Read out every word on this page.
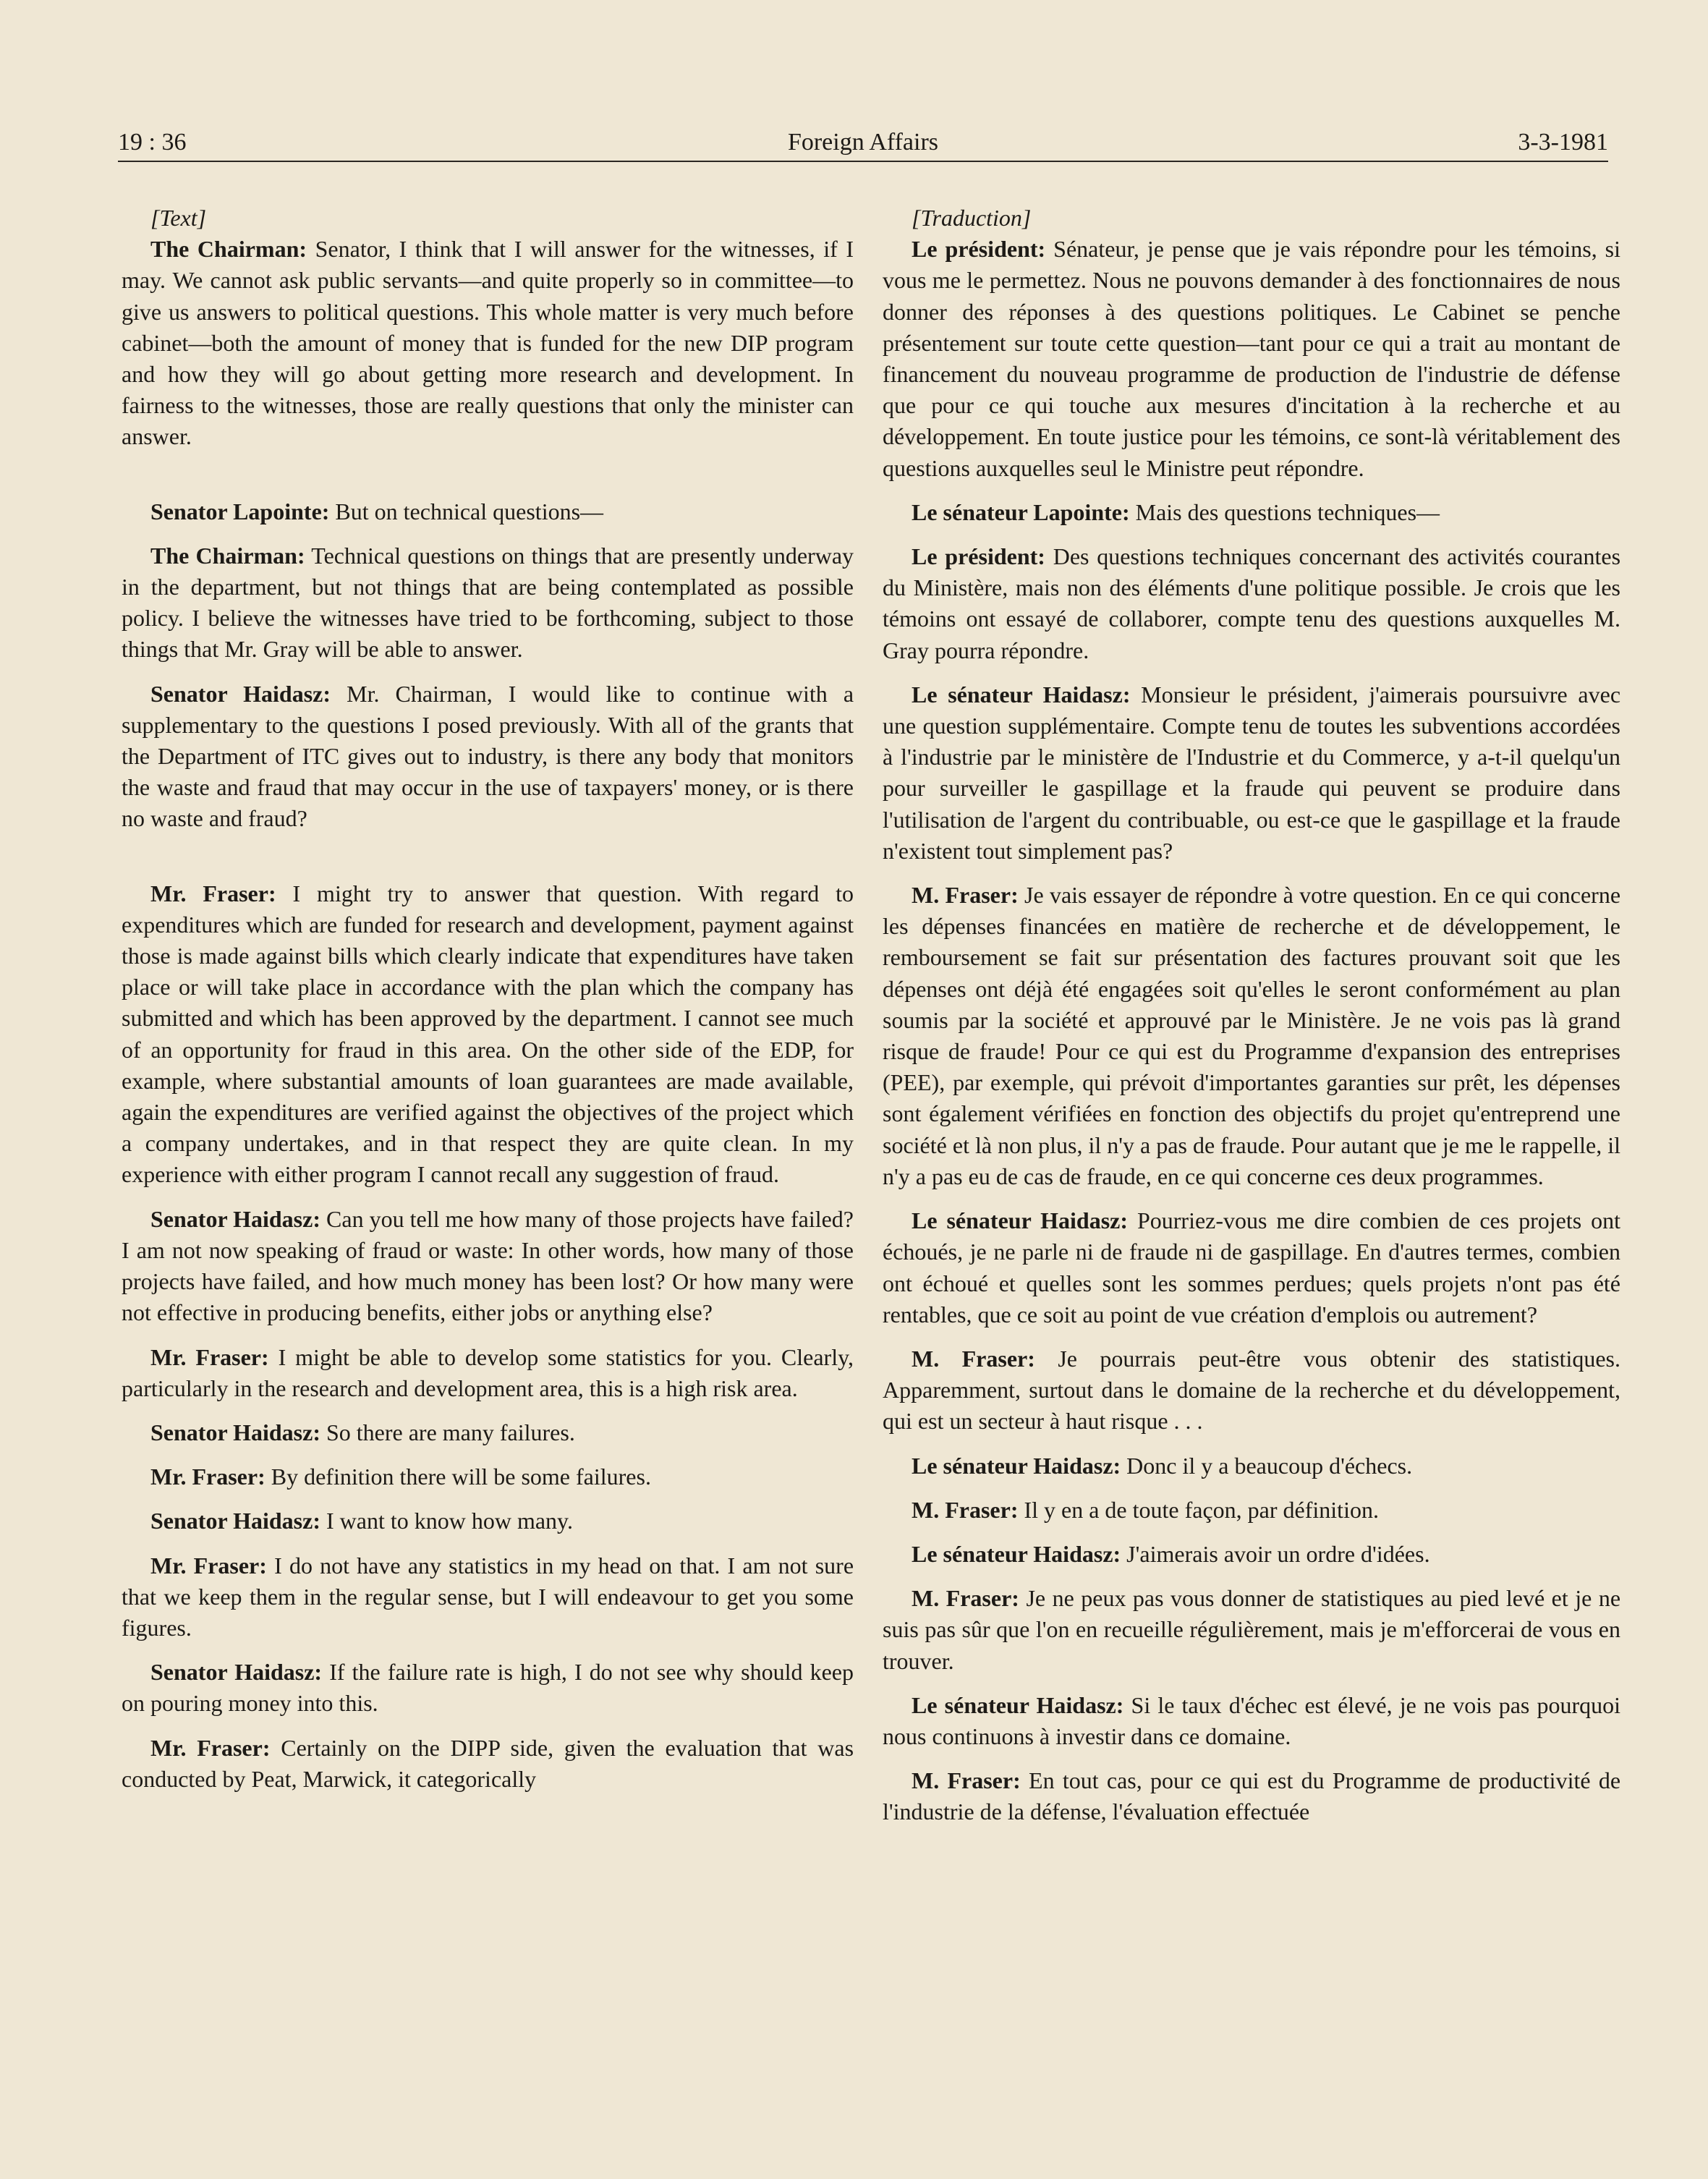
19 : 36	Foreign Affairs	3-3-1981

[Text]

The Chairman: Senator, I think that I will answer for the witnesses, if I may. We cannot ask public servants—and quite properly so in committee—to give us answers to political questions. This whole matter is very much before cabinet—both the amount of money that is funded for the new DIP program and how they will go about getting more research and development. In fairness to the witnesses, those are really questions that only the minister can answer.

Senator Lapointe: But on technical questions—

The Chairman: Technical questions on things that are presently underway in the department, but not things that are being contemplated as possible policy. I believe the witnesses have tried to be forthcoming, subject to those things that Mr. Gray will be able to answer.

Senator Haidasz: Mr. Chairman, I would like to continue with a supplementary to the questions I posed previously. With all of the grants that the Department of ITC gives out to industry, is there any body that monitors the waste and fraud that may occur in the use of taxpayers' money, or is there no waste and fraud?

Mr. Fraser: I might try to answer that question. With regard to expenditures which are funded for research and development, payment against those is made against bills which clearly indicate that expenditures have taken place or will take place in accordance with the plan which the company has submitted and which has been approved by the department. I cannot see much of an opportunity for fraud in this area. On the other side of the EDP, for example, where substantial amounts of loan guarantees are made available, again the expenditures are verified against the objectives of the project which a company undertakes, and in that respect they are quite clean. In my experience with either program I cannot recall any suggestion of fraud.

Senator Haidasz: Can you tell me how many of those projects have failed? I am not now speaking of fraud or waste: In other words, how many of those projects have failed, and how much money has been lost? Or how many were not effective in producing benefits, either jobs or anything else?

Mr. Fraser: I might be able to develop some statistics for you. Clearly, particularly in the research and development area, this is a high risk area.

Senator Haidasz: So there are many failures.

Mr. Fraser: By definition there will be some failures.

Senator Haidasz: I want to know how many.

Mr. Fraser: I do not have any statistics in my head on that. I am not sure that we keep them in the regular sense, but I will endeavour to get you some figures.

Senator Haidasz: If the failure rate is high, I do not see why should keep on pouring money into this.

Mr. Fraser: Certainly on the DIPP side, given the evaluation that was conducted by Peat, Marwick, it categorically

[Traduction]

Le président: Sénateur, je pense que je vais répondre pour les témoins, si vous me le permettez. Nous ne pouvons demander à des fonctionnaires de nous donner des réponses à des questions politiques. Le Cabinet se penche présentement sur toute cette question—tant pour ce qui a trait au montant de financement du nouveau programme de production de l'industrie de défense que pour ce qui touche aux mesures d'incitation à la recherche et au développement. En toute justice pour les témoins, ce sont-là véritablement des questions auxquelles seul le Ministre peut répondre.

Le sénateur Lapointe: Mais des questions techniques—

Le président: Des questions techniques concernant des activités courantes du Ministère, mais non des éléments d'une politique possible. Je crois que les témoins ont essayé de collaborer, compte tenu des questions auxquelles M. Gray pourra répondre.

Le sénateur Haidasz: Monsieur le président, j'aimerais poursuivre avec une question supplémentaire. Compte tenu de toutes les subventions accordées à l'industrie par le ministère de l'Industrie et du Commerce, y a-t-il quelqu'un pour surveiller le gaspillage et la fraude qui peuvent se produire dans l'utilisation de l'argent du contribuable, ou est-ce que le gaspillage et la fraude n'existent tout simplement pas?

M. Fraser: Je vais essayer de répondre à votre question. En ce qui concerne les dépenses financées en matière de recherche et de développement, le remboursement se fait sur présentation des factures prouvant soit que les dépenses ont déjà été engagées soit qu'elles le seront conformément au plan soumis par la société et approuvé par le Ministère. Je ne vois pas là grand risque de fraude! Pour ce qui est du Programme d'expansion des entreprises (PEE), par exemple, qui prévoit d'importantes garanties sur prêt, les dépenses sont également vérifiées en fonction des objectifs du projet qu'entreprend une société et là non plus, il n'y a pas de fraude. Pour autant que je me le rappelle, il n'y a pas eu de cas de fraude, en ce qui concerne ces deux programmes.

Le sénateur Haidasz: Pourriez-vous me dire combien de ces projets ont échoués, je ne parle ni de fraude ni de gaspillage. En d'autres termes, combien ont échoué et quelles sont les sommes perdues; quels projets n'ont pas été rentables, que ce soit au point de vue création d'emplois ou autrement?

M. Fraser: Je pourrais peut-être vous obtenir des statistiques. Apparemment, surtout dans le domaine de la recherche et du développement, qui est un secteur à haut risque . . .

Le sénateur Haidasz: Donc il y a beaucoup d'échecs.

M. Fraser: Il y en a de toute façon, par définition.

Le sénateur Haidasz: J'aimerais avoir un ordre d'idées.

M. Fraser: Je ne peux pas vous donner de statistiques au pied levé et je ne suis pas sûr que l'on en recueille régulièrement, mais je m'efforcerai de vous en trouver.

Le sénateur Haidasz: Si le taux d'échec est élevé, je ne vois pas pourquoi nous continuons à investir dans ce domaine.

M. Fraser: En tout cas, pour ce qui est du Programme de productivité de l'industrie de la défense, l'évaluation effectuée
